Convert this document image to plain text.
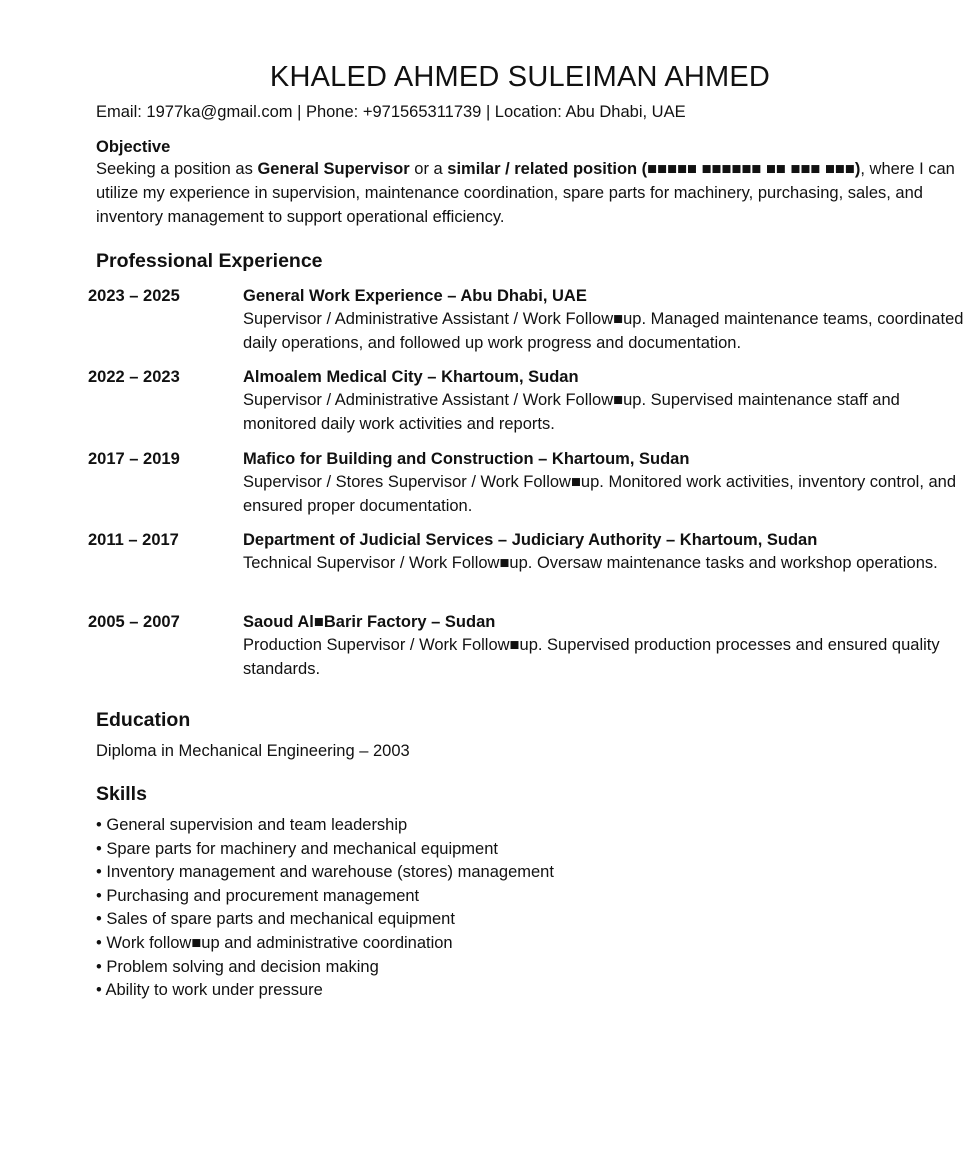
KHALED AHMED SULEIMAN AHMED
Email: 1977ka@gmail.com | Phone: +971565311739 | Location: Abu Dhabi, UAE
Objective
Seeking a position as General Supervisor or a similar / related position (■■■■■ ■■■■■■ ■■ ■■■ ■■■), where I can utilize my experience in supervision, maintenance coordination, spare parts for machinery, purchasing, sales, and inventory management to support operational efficiency.
Professional Experience
2023 – 2025	General Work Experience – Abu Dhabi, UAE
Supervisor / Administrative Assistant / Work Follow■up. Managed maintenance teams, coordinated daily operations, and followed up work progress and documentation.
2022 – 2023	Almoalem Medical City – Khartoum, Sudan
Supervisor / Administrative Assistant / Work Follow■up. Supervised maintenance staff and monitored daily work activities and reports.
2017 – 2019	Mafico for Building and Construction – Khartoum, Sudan
Supervisor / Stores Supervisor / Work Follow■up. Monitored work activities, inventory control, and ensured proper documentation.
2011 – 2017	Department of Judicial Services – Judiciary Authority – Khartoum, Sudan
Technical Supervisor / Work Follow■up. Oversaw maintenance tasks and workshop operations.
2005 – 2007	Saoud Al■Barir Factory – Sudan
Production Supervisor / Work Follow■up. Supervised production processes and ensured quality standards.
Education
Diploma in Mechanical Engineering – 2003
Skills
• General supervision and team leadership
• Spare parts for machinery and mechanical equipment
• Inventory management and warehouse (stores) management
• Purchasing and procurement management
• Sales of spare parts and mechanical equipment
• Work follow■up and administrative coordination
• Problem solving and decision making
• Ability to work under pressure
